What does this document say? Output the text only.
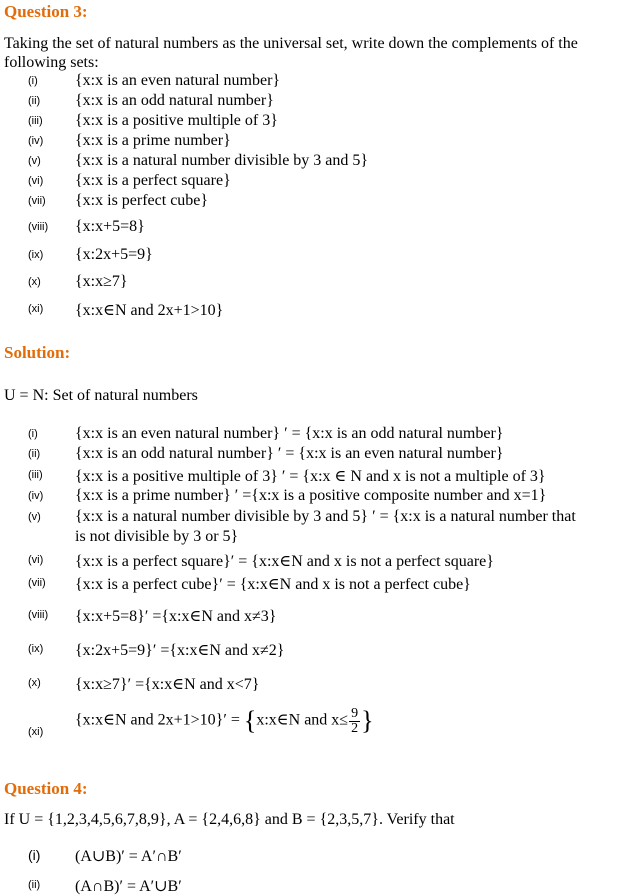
Question 3:
Taking the set of natural numbers as the universal set, write down the complements of the following sets:
(i) {x:x is an even natural number}
(ii) {x:x is an odd natural number}
(iii) {x:x is a positive multiple of 3}
(iv) {x:x is a prime number}
(v) {x:x is a natural number divisible by 3 and 5}
(vi) {x:x is a perfect square}
(vii) {x:x is perfect cube}
(viii) {x:x+5=8}
(ix) {x:2x+5=9}
(x) {x:x≥7}
(xi) {x:x∈N and 2x+1>10}
Solution:
U = N: Set of natural numbers
(i) {x:x is an even natural number} ′ = {x:x is an odd natural number}
(ii) {x:x is an odd natural number} ′ = {x:x is an even natural number}
(iii) {x:x is a positive multiple of 3} ′ = {x:x ∈ N and x is not a multiple of 3}
(iv) {x:x is a prime number} ′ ={x:x is a positive composite number and x=1}
(v) {x:x is a natural number divisible by 3 and 5} ′ = {x:x is a natural number that
is not divisible by 3 or 5}
(vi) {x:x is a perfect square}′ = {x:x∈N and x is not a perfect square}
(vii) {x:x is a perfect cube}′ = {x:x∈N and x is not a perfect cube}
(viii) {x:x+5=8}′ ={x:x∈N and x≠3}
(ix) {x:2x+5=9}′ ={x:x∈N and x≠2}
(x) {x:x≥7}′ ={x:x∈N and x<7}
(xi)
{x:x∈N and 2x+1>10}′ = {x:x∈N and $x\le \frac{9}{2}$ }
Question 4:
If U = {1,2,3,4,5,6,7,8,9}, A = {2,4,6,8} and B = {2,3,5,7}. Verify that
(i) (A∪B)′ = A′∩B′
(ii) (A∩B)′ = A′∪B′
